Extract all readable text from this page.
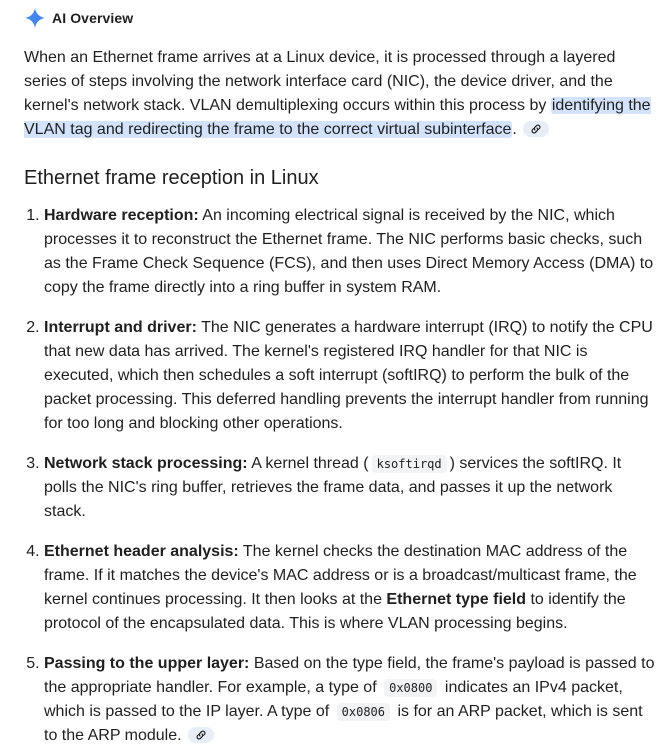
AI Overview
When an Ethernet frame arrives at a Linux device, it is processed through a layered series of steps involving the network interface card (NIC), the device driver, and the kernel's network stack. VLAN demultiplexing occurs within this process by identifying the VLAN tag and redirecting the frame to the correct virtual subinterface.
Ethernet frame reception in Linux
1. Hardware reception: An incoming electrical signal is received by the NIC, which processes it to reconstruct the Ethernet frame. The NIC performs basic checks, such as the Frame Check Sequence (FCS), and then uses Direct Memory Access (DMA) to copy the frame directly into a ring buffer in system RAM.
2. Interrupt and driver: The NIC generates a hardware interrupt (IRQ) to notify the CPU that new data has arrived. The kernel's registered IRQ handler for that NIC is executed, which then schedules a soft interrupt (softIRQ) to perform the bulk of the packet processing. This deferred handling prevents the interrupt handler from running for too long and blocking other operations.
3. Network stack processing: A kernel thread ( ksoftirqd ) services the softIRQ. It polls the NIC's ring buffer, retrieves the frame data, and passes it up the network stack.
4. Ethernet header analysis: The kernel checks the destination MAC address of the frame. If it matches the device's MAC address or is a broadcast/multicast frame, the kernel continues processing. It then looks at the Ethernet type field to identify the protocol of the encapsulated data. This is where VLAN processing begins.
5. Passing to the upper layer: Based on the type field, the frame's payload is passed to the appropriate handler. For example, a type of 0x0800 indicates an IPv4 packet, which is passed to the IP layer. A type of 0x0806 is for an ARP packet, which is sent to the ARP module.
